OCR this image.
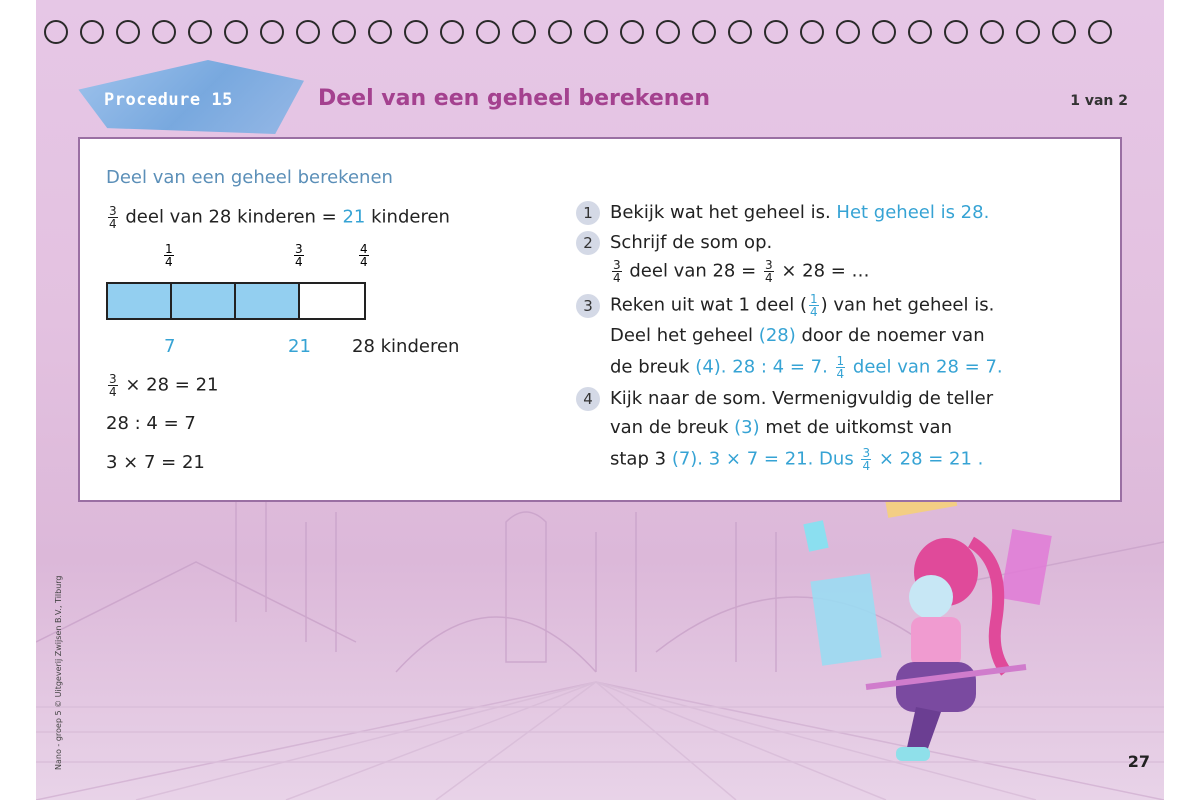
Procedure 15	Deel van een geheel berekenen	1 van 2
Deel van een geheel berekenen
$\frac{3}{4}$ deel van 28 kinderen = 21 kinderen
$\frac{1}{4}$	$\frac{3}{4}$	$\frac{4}{4}$
7	21 28 kinderen
$\frac{3}{4} \times 28 = 21$
28 : 4 = 7
3 × 7 = 21
1 Bekijk wat het geheel is. Het geheel is 28.
2 Schrijf de som op.
$\frac{3}{4}$ deel van $28 = \frac{3}{4} \times 28$ = …
3 Reken uit wat 1 deel ( $\frac{1}{4}$ ) van het geheel is.
Deel het geheel (28) door de noemer van
de breuk (4). 28 : 4 = 7. $\frac{1}{4}$ deel van 28 = 7.
4 Kijk naar de som. Vermenigvuldig de teller
van de breuk (3) met de uitkomst van
stap 3 (7). 3 × 7 = 21. Dus $\frac{3}{4} \times 28 = 21$ .
Nano - groep 5 © Uitgeverij Zwijsen B.V., Tilburg	27
